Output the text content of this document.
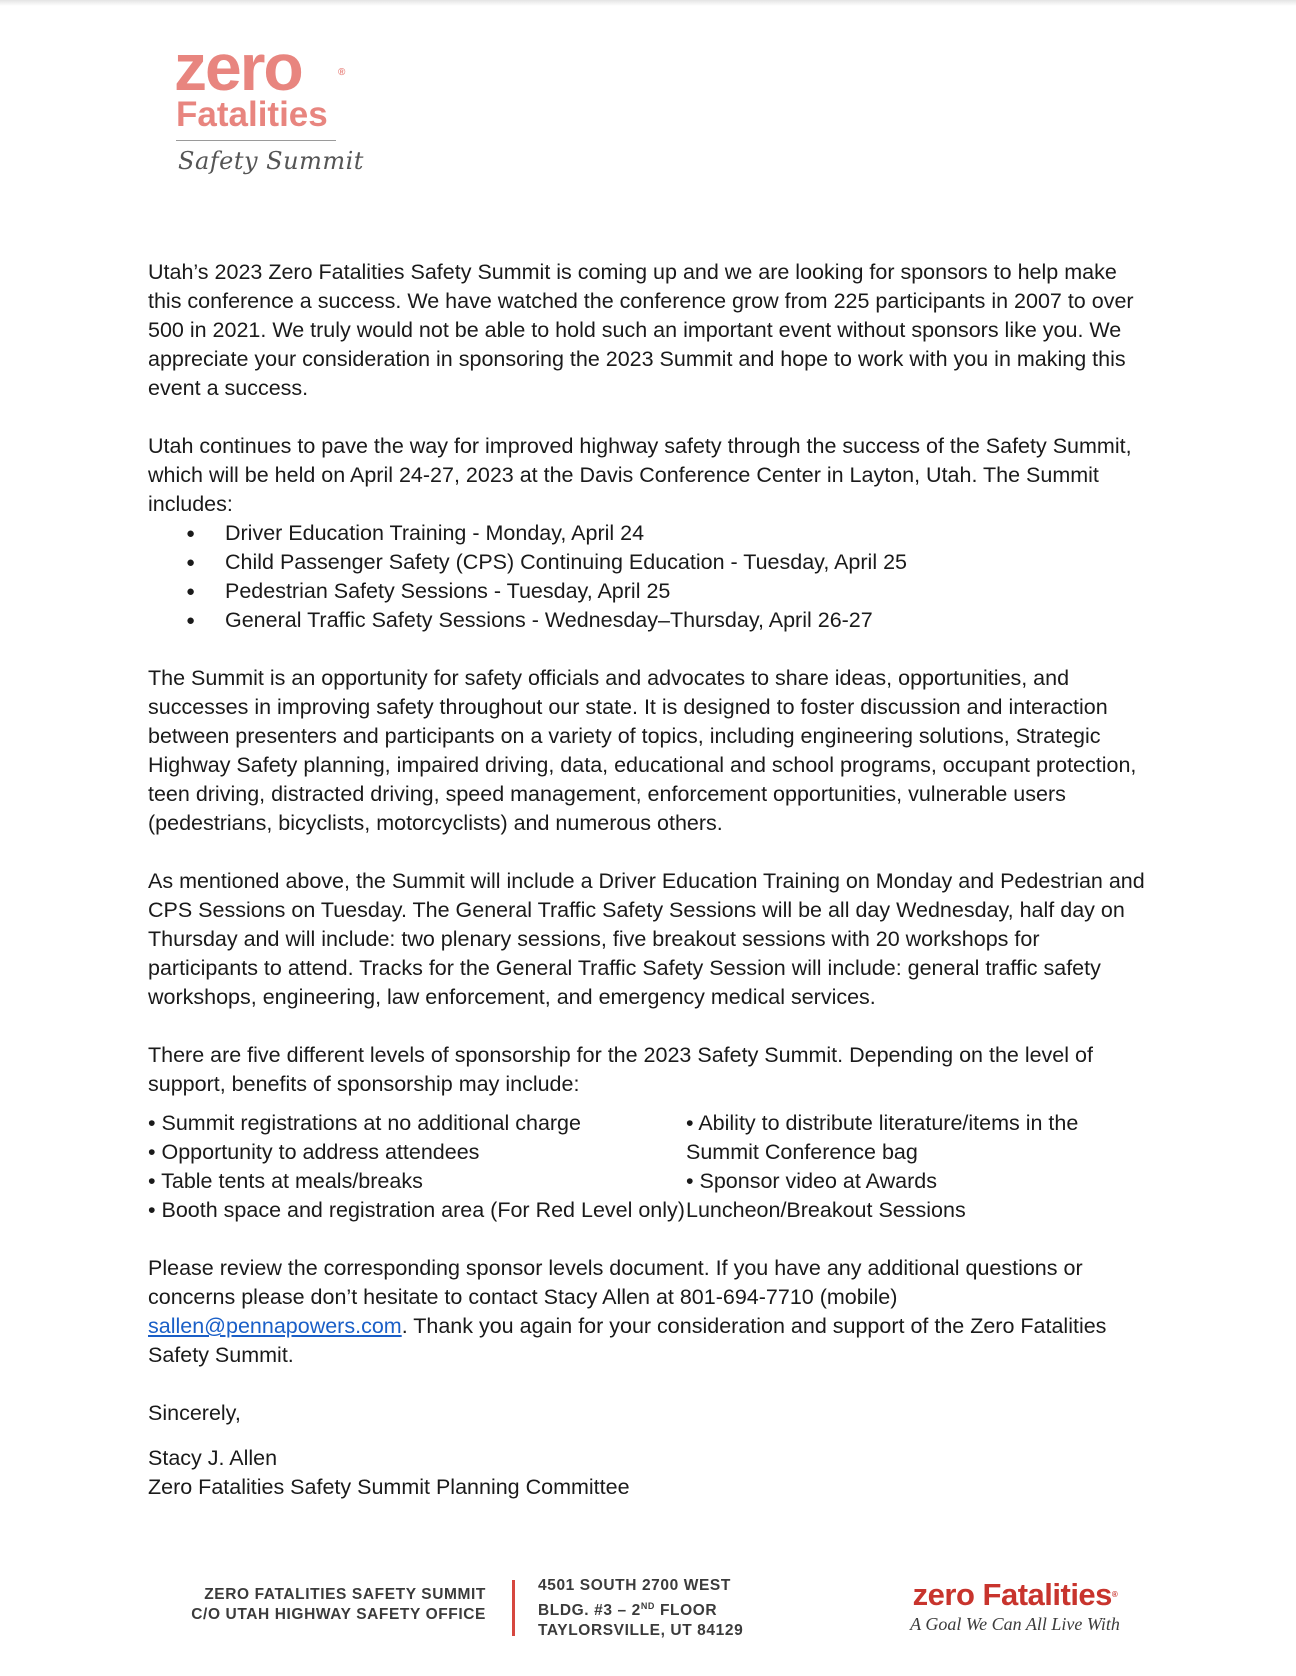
zero	®
Fatalities
Safety Summit

Utah’s 2023 Zero Fatalities Safety Summit is coming up and we are looking for sponsors to help make this conference a success. We have watched the conference grow from 225 participants in 2007 to over 500 in 2021. We truly would not be able to hold such an important event without sponsors like you. We appreciate your consideration in sponsoring the 2023 Summit and hope to work with you in making this event a success.

Utah continues to pave the way for improved highway safety through the success of the Safety Summit, which will be held on April 24-27, 2023 at the Davis Conference Center in Layton, Utah. The Summit includes:

● Driver Education Training - Monday, April 24
● Child Passenger Safety (CPS) Continuing Education - Tuesday, April 25
● Pedestrian Safety Sessions - Tuesday, April 25
● General Traffic Safety Sessions - Wednesday–Thursday, April 26-27

The Summit is an opportunity for safety officials and advocates to share ideas, opportunities, and successes in improving safety throughout our state. It is designed to foster discussion and interaction between presenters and participants on a variety of topics, including engineering solutions, Strategic Highway Safety planning, impaired driving, data, educational and school programs, occupant protection, teen driving, distracted driving, speed management, enforcement opportunities, vulnerable users (pedestrians, bicyclists, motorcyclists) and numerous others.

As mentioned above, the Summit will include a Driver Education Training on Monday and Pedestrian and CPS Sessions on Tuesday. The General Traffic Safety Sessions will be all day Wednesday, half day on Thursday and will include: two plenary sessions, five breakout sessions with 20 workshops for participants to attend. Tracks for the General Traffic Safety Session will include: general traffic safety workshops, engineering, law enforcement, and emergency medical services.

There are five different levels of sponsorship for the 2023 Safety Summit. Depending on the level of support, benefits of sponsorship may include:

• Summit registrations at no additional charge
• Opportunity to address attendees
• Table tents at meals/breaks
• Booth space and registration area (For Red Level only)
• Ability to distribute literature/items in the Summit Conference bag
• Sponsor video at Awards Luncheon/Breakout Sessions

Please review the corresponding sponsor levels document. If you have any additional questions or concerns please don’t hesitate to contact Stacy Allen at 801-694-7710 (mobile) sallen@pennapowers.com. Thank you again for your consideration and support of the Zero Fatalities Safety Summit.

Sincerely,

Stacy J. Allen

Zero Fatalities Safety Summit Planning Committee

ZERO FATALITIES SAFETY SUMMIT
C/O UTAH HIGHWAY SAFETY OFFICE
4501 SOUTH 2700 WEST
BLDG. #3 – 2ND FLOOR
TAYLORSVILLE, UT 84129
zero Fatalities®
A Goal We Can All Live With
